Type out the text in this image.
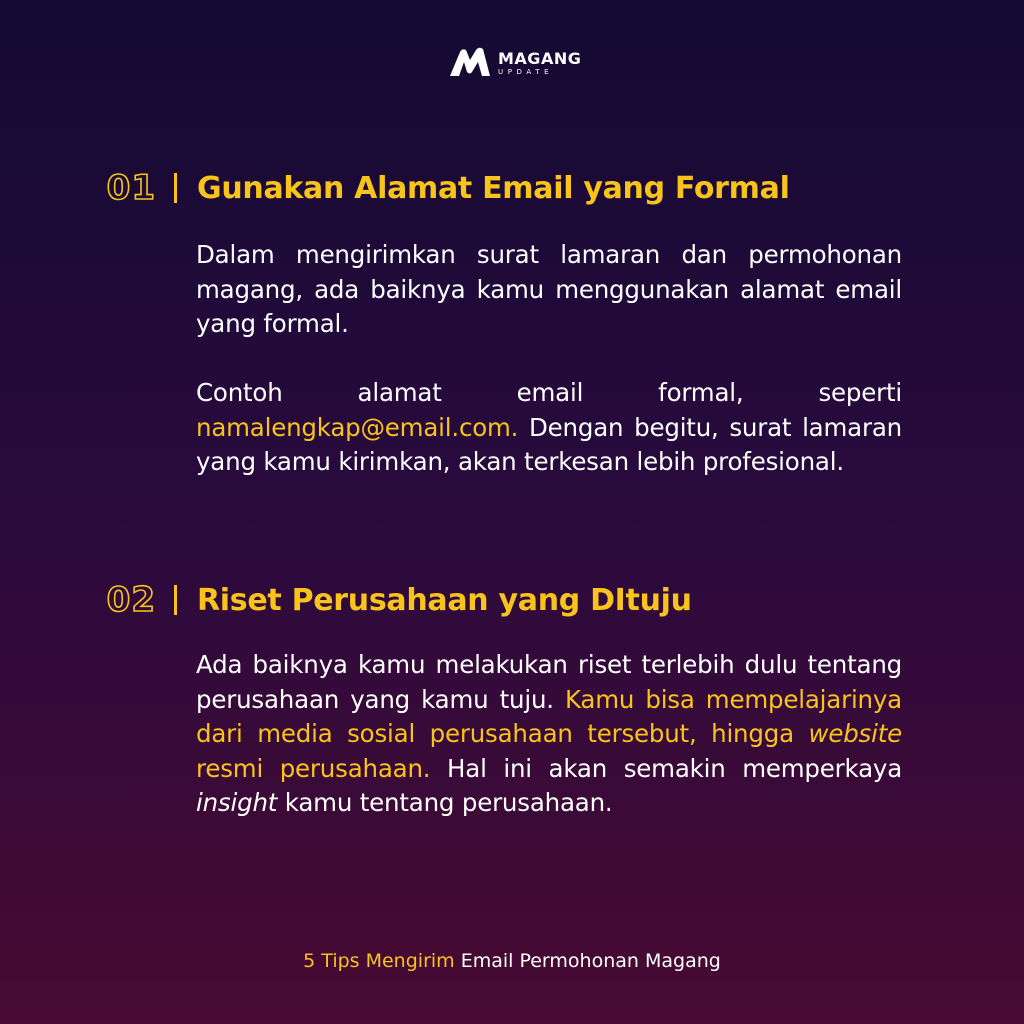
MAGANG
UPDATE
01 Gunakan Alamat Email yang Formal

Dalam mengirimkan surat lamaran dan permohonan magang, ada baiknya kamu menggunakan alamat email yang formal.

Contoh alamat email formal, seperti namalengkap@email.com. Dengan begitu, surat lamaran yang kamu kirimkan, akan terkesan lebih profesional.

02 Riset Perusahaan yang DItuju

Ada baiknya kamu melakukan riset terlebih dulu tentang perusahaan yang kamu tuju. Kamu bisa mempelajarinya dari media sosial perusahaan tersebut, hingga website resmi perusahaan. Hal ini akan semakin memperkaya insight kamu tentang perusahaan.

5 Tips Mengirim Email Permohonan Magang
